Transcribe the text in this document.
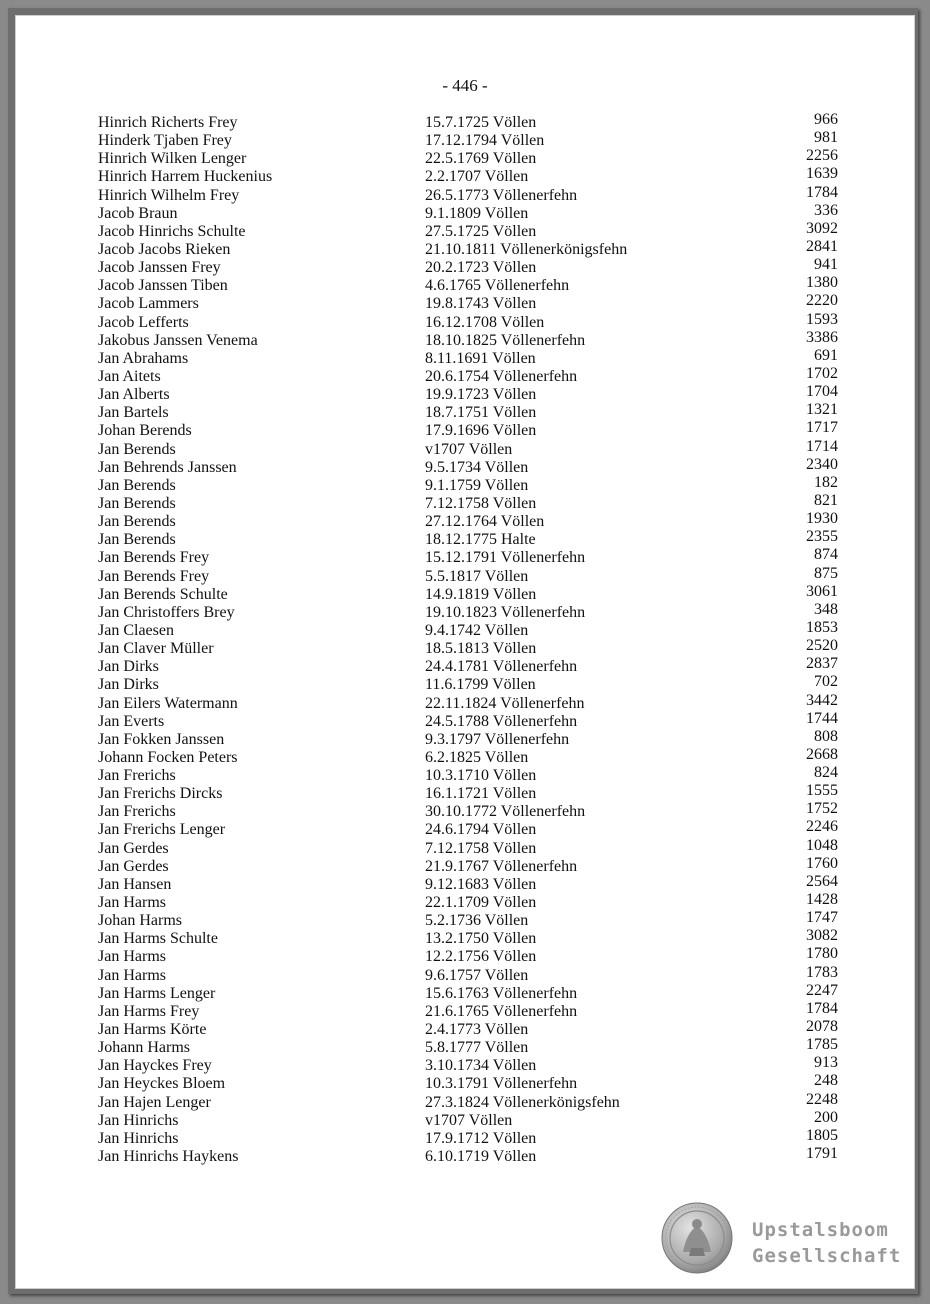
- 446 -
Hinrich Richerts Frey	15.7.1725 Völlen	966
Hinderk Tjaben Frey	17.12.1794 Völlen	981
Hinrich Wilken Lenger	22.5.1769 Völlen	2256
Hinrich Harrem Huckenius	2.2.1707 Völlen	1639
Hinrich Wilhelm Frey	26.5.1773 Völlenerfehn	1784
Jacob Braun	9.1.1809 Völlen	336
Jacob Hinrichs Schulte	27.5.1725 Völlen	3092
Jacob Jacobs Rieken	21.10.1811 Völlenerkönigsfehn	2841
Jacob Janssen Frey	20.2.1723 Völlen	941
Jacob Janssen Tiben	4.6.1765 Völlenerfehn	1380
Jacob Lammers	19.8.1743 Völlen	2220
Jacob Lefferts	16.12.1708 Völlen	1593
Jakobus Janssen Venema	18.10.1825 Völlenerfehn	3386
Jan Abrahams	8.11.1691 Völlen	691
Jan Aitets	20.6.1754 Völlenerfehn	1702
Jan Alberts	19.9.1723 Völlen	1704
Jan Bartels	18.7.1751 Völlen	1321
Johan Berends	17.9.1696 Völlen	1717
Jan Berends	v1707 Völlen	1714
Jan Behrends Janssen	9.5.1734 Völlen	2340
Jan Berends	9.1.1759 Völlen	182
Jan Berends	7.12.1758 Völlen	821
Jan Berends	27.12.1764 Völlen	1930
Jan Berends	18.12.1775 Halte	2355
Jan Berends Frey	15.12.1791 Völlenerfehn	874
Jan Berends Frey	5.5.1817 Völlen	875
Jan Berends Schulte	14.9.1819 Völlen	3061
Jan Christoffers Brey	19.10.1823 Völlenerfehn	348
Jan Claesen	9.4.1742 Völlen	1853
Jan Claver Müller	18.5.1813 Völlen	2520
Jan Dirks	24.4.1781 Völlenerfehn	2837
Jan Dirks	11.6.1799 Völlen	702
Jan Eilers Watermann	22.11.1824 Völlenerfehn	3442
Jan Everts	24.5.1788 Völlenerfehn	1744
Jan Fokken Janssen	9.3.1797 Völlenerfehn	808
Johann Focken Peters	6.2.1825 Völlen	2668
Jan Frerichs	10.3.1710 Völlen	824
Jan Frerichs Dircks	16.1.1721 Völlen	1555
Jan Frerichs	30.10.1772 Völlenerfehn	1752
Jan Frerichs Lenger	24.6.1794 Völlen	2246
Jan Gerdes	7.12.1758 Völlen	1048
Jan Gerdes	21.9.1767 Völlenerfehn	1760
Jan Hansen	9.12.1683 Völlen	2564
Jan Harms	22.1.1709 Völlen	1428
Johan Harms	5.2.1736 Völlen	1747
Jan Harms Schulte	13.2.1750 Völlen	3082
Jan Harms	12.2.1756 Völlen	1780
Jan Harms	9.6.1757 Völlen	1783
Jan Harms Lenger	15.6.1763 Völlenerfehn	2247
Jan Harms Frey	21.6.1765 Völlenerfehn	1784
Jan Harms Körte	2.4.1773 Völlen	2078
Johann Harms	5.8.1777 Völlen	1785
Jan Hayckes Frey	3.10.1734 Völlen	913
Jan Heyckes Bloem	10.3.1791 Völlenerfehn	248
Jan Hajen Lenger	27.3.1824 Völlenerkönigsfehn	2248
Jan Hinrichs	v1707 Völlen	200
Jan Hinrichs	17.9.1712 Völlen	1805
Jan Hinrichs Haykens	6.10.1719 Völlen	1791
Upstalsboom
Gesellschaft
